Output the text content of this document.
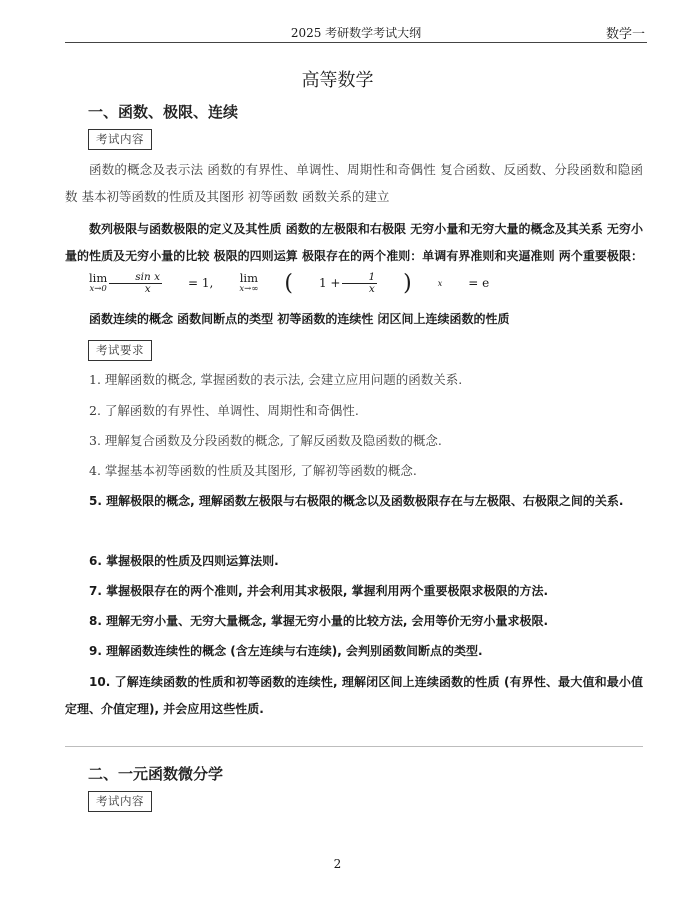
2025 考研数学考试大纲	数学一
高等数学
一、函数、极限、连续
考试内容
函数的概念及表示法 函数的有界性、单调性、周期性和奇偶性 复合函数、反函数、分段函数和隐函数 基本初等函数的性质及其图形 初等函数 函数关系的建立
数列极限与函数极限的定义及其性质 函数的左极限和右极限 无穷小量和无穷大量的概念及其关系 无穷小量的性质及无穷小量的比较 极限的四则运算 极限存在的两个准则：单调有界准则和夹逼准则 两个重要极限：
lim
$x\to 0 \frac{\text{sin x}}{x}$	= 1,	lim
x→∞	(	$1 + \frac{1}{x}$	)	x	= e
函数连续的概念 函数间断点的类型 初等函数的连续性 闭区间上连续函数的性质
考试要求
1. 理解函数的概念, 掌握函数的表示法, 会建立应用问题的函数关系.
2. 了解函数的有界性、单调性、周期性和奇偶性.
3. 理解复合函数及分段函数的概念, 了解反函数及隐函数的概念.
4. 掌握基本初等函数的性质及其图形, 了解初等函数的概念.
5. 理解极限的概念, 理解函数左极限与右极限的概念以及函数极限存在与左极限、右极限之间的关系.
6. 掌握极限的性质及四则运算法则.
7. 掌握极限存在的两个准则, 并会利用其求极限, 掌握利用两个重要极限求极限的方法.
8. 理解无穷小量、无穷大量概念, 掌握无穷小量的比较方法, 会用等价无穷小量求极限.
9. 理解函数连续性的概念 (含左连续与右连续), 会判别函数间断点的类型.
10. 了解连续函数的性质和初等函数的连续性, 理解闭区间上连续函数的性质 (有界性、最大值和最小值定理、介值定理), 并会应用这些性质.
二、一元函数微分学
考试内容
2
